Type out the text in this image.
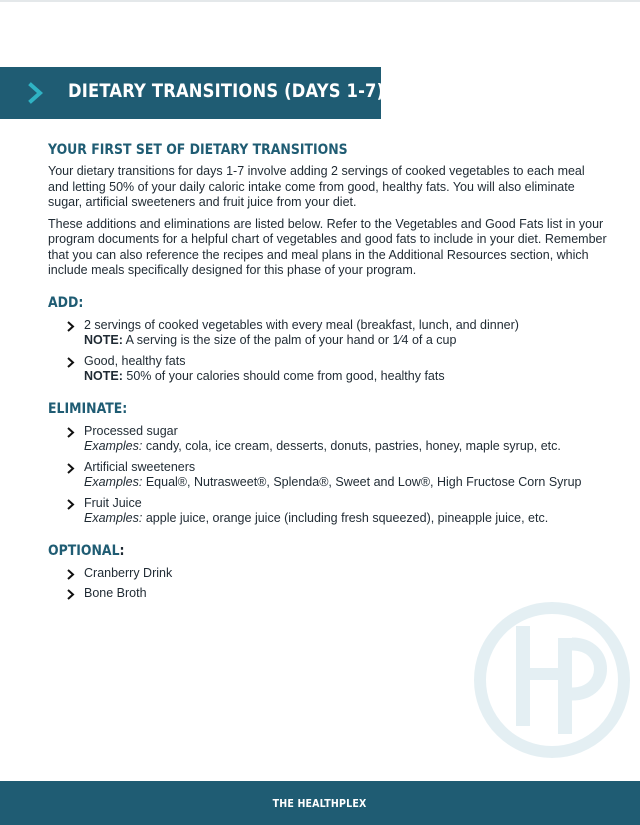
DIETARY TRANSITIONS (DAYS 1-7)
YOUR FIRST SET OF DIETARY TRANSITIONS

Your dietary transitions for days 1-7 involve adding 2 servings of cooked vegetables to each meal and letting 50% of your daily caloric intake come from good, healthy fats. You will also eliminate sugar, artificial sweeteners and fruit juice from your diet.

These additions and eliminations are listed below. Refer to the Vegetables and Good Fats list in your program documents for a helpful chart of vegetables and good fats to include in your diet. Remember that you can also reference the recipes and meal plans in the Additional Resources section, which include meals specifically designed for this phase of your program.

ADD:
2 servings of cooked vegetables with every meal (breakfast, lunch, and dinner)
NOTE: A serving is the size of the palm of your hand or 1⁄4 of a cup
Good, healthy fats
NOTE: 50% of your calories should come from good, healthy fats
ELIMINATE:
Processed sugar
Examples: candy, cola, ice cream, desserts, donuts, pastries, honey, maple syrup, etc.
Artificial sweeteners
Examples: Equal®, Nutrasweet®, Splenda®, Sweet and Low®, High Fructose Corn Syrup
Fruit Juice
Examples: apple juice, orange juice (including fresh squeezed), pineapple juice, etc.
OPTIONAL:
Cranberry Drink
Bone Broth
THE HEALTHPLEX
